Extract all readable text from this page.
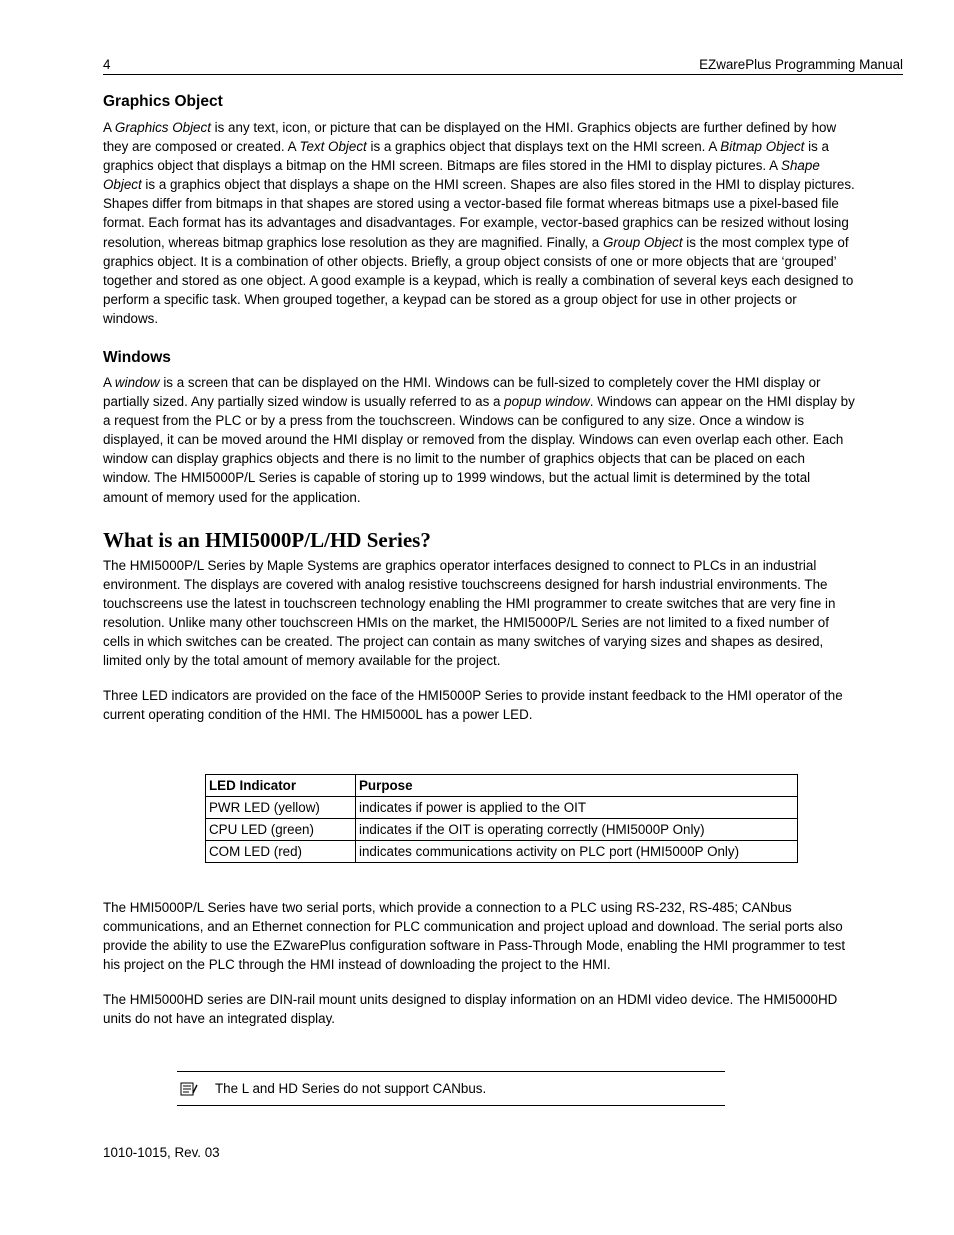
4	EZwarePlus Programming Manual
Graphics Object

A Graphics Object is any text, icon, or picture that can be displayed on the HMI. Graphics objects are further defined by how they are composed or created. A Text Object is a graphics object that displays text on the HMI screen. A Bitmap Object is a graphics object that displays a bitmap on the HMI screen. Bitmaps are files stored in the HMI to display pictures. A Shape Object is a graphics object that displays a shape on the HMI screen. Shapes are also files stored in the HMI to display pictures. Shapes differ from bitmaps in that shapes are stored using a vector-based file format whereas bitmaps use a pixel-based file format. Each format has its advantages and disadvantages. For example, vector-based graphics can be resized without losing resolution, whereas bitmap graphics lose resolution as they are magnified. Finally, a Group Object is the most complex type of graphics object. It is a combination of other objects. Briefly, a group object consists of one or more objects that are ‘grouped’ together and stored as one object. A good example is a keypad, which is really a combination of several keys each designed to perform a specific task. When grouped together, a keypad can be stored as a group object for use in other projects or windows.

Windows

A window is a screen that can be displayed on the HMI. Windows can be full-sized to completely cover the HMI display or partially sized. Any partially sized window is usually referred to as a popup window. Windows can appear on the HMI display by a request from the PLC or by a press from the touchscreen. Windows can be configured to any size. Once a window is displayed, it can be moved around the HMI display or removed from the display. Windows can even overlap each other. Each window can display graphics objects and there is no limit to the number of graphics objects that can be placed on each window. The HMI5000P/L Series is capable of storing up to 1999 windows, but the actual limit is determined by the total amount of memory used for the application.

What is an HMI5000P/L/HD Series?

The HMI5000P/L Series by Maple Systems are graphics operator interfaces designed to connect to PLCs in an industrial environment. The displays are covered with analog resistive touchscreens designed for harsh industrial environments. The touchscreens use the latest in touchscreen technology enabling the HMI programmer to create switches that are very fine in resolution. Unlike many other touchscreen HMIs on the market, the HMI5000P/L Series are not limited to a fixed number of cells in which switches can be created. The project can contain as many switches of varying sizes and shapes as desired, limited only by the total amount of memory available for the project.

Three LED indicators are provided on the face of the HMI5000P Series to provide instant feedback to the HMI operator of the current operating condition of the HMI. The HMI5000L has a power LED.

LED Indicator	Purpose
PWR LED (yellow)	indicates if power is applied to the OIT
CPU LED (green)	indicates if the OIT is operating correctly (HMI5000P Only)
COM LED (red)	indicates communications activity on PLC port (HMI5000P Only)

The HMI5000P/L Series have two serial ports, which provide a connection to a PLC using RS-232, RS-485; CANbus communications, and an Ethernet connection for PLC communication and project upload and download. The serial ports also provide the ability to use the EZwarePlus configuration software in Pass-Through Mode, enabling the HMI programmer to test his project on the PLC through the HMI instead of downloading the project to the HMI.

The HMI5000HD series are DIN-rail mount units designed to display information on an HDMI video device. The HMI5000HD units do not have an integrated display.

The L and HD Series do not support CANbus.
1010-1015, Rev. 03
